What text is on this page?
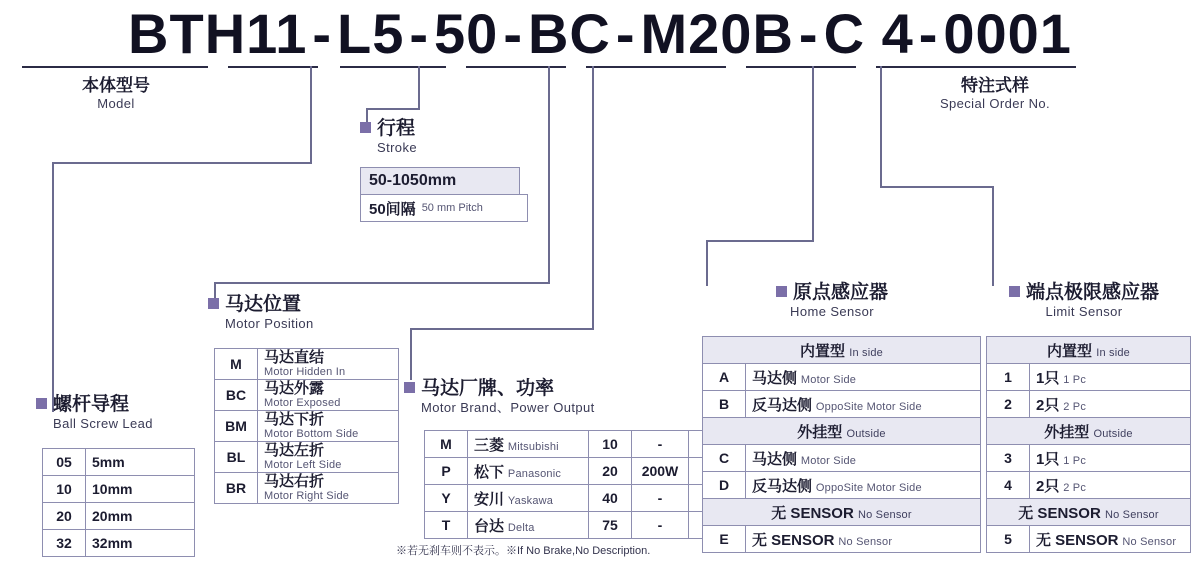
BTH11 - L5 - 50 - BC - M20B - C 4 - 0001
本体型号
Model
特注式样
Special Order No.
行程
Stroke
50-1050mm
50间隔 50 mm Pitch
螺杆导程
Ball Screw Lead
05	5mm
10	10mm
20	20mm
32	32mm
马达位置
Motor Position
M	马达直结
Motor Hidden In

BC	马达外露
Motor Exposed

BM	马达下折
Motor Bottom Side

BL	马达左折
Motor Left Side

BR	马达右折
Motor Right Side
马达厂牌、功率
Motor Brand、Power Output
M	三菱 Mitsubishi	10	-	
P	松下 Panasonic	20	200W	
Y	安川 Yaskawa	40	-	
T	台达 Delta	75	-	
※若无刹车则不表示。※If No Brake,No Description.
原点感应器
Home Sensor
内置型 In side	
A	马达侧 Motor Side
B	反马达侧 OppoSite Motor Side
外挂型 Outside	
C	马达侧 Motor Side
D	反马达侧 OppoSite Motor Side
无 SENSOR No Sensor	
E	无 SENSOR No Sensor
端点极限感应器
Limit Sensor
内置型 In side	
1	1只 1 Pc
2	2只 2 Pc
外挂型 Outside	
3	1只 1 Pc
4	2只 2 Pc
无 SENSOR No Sensor	
5	无 SENSOR No Sensor
